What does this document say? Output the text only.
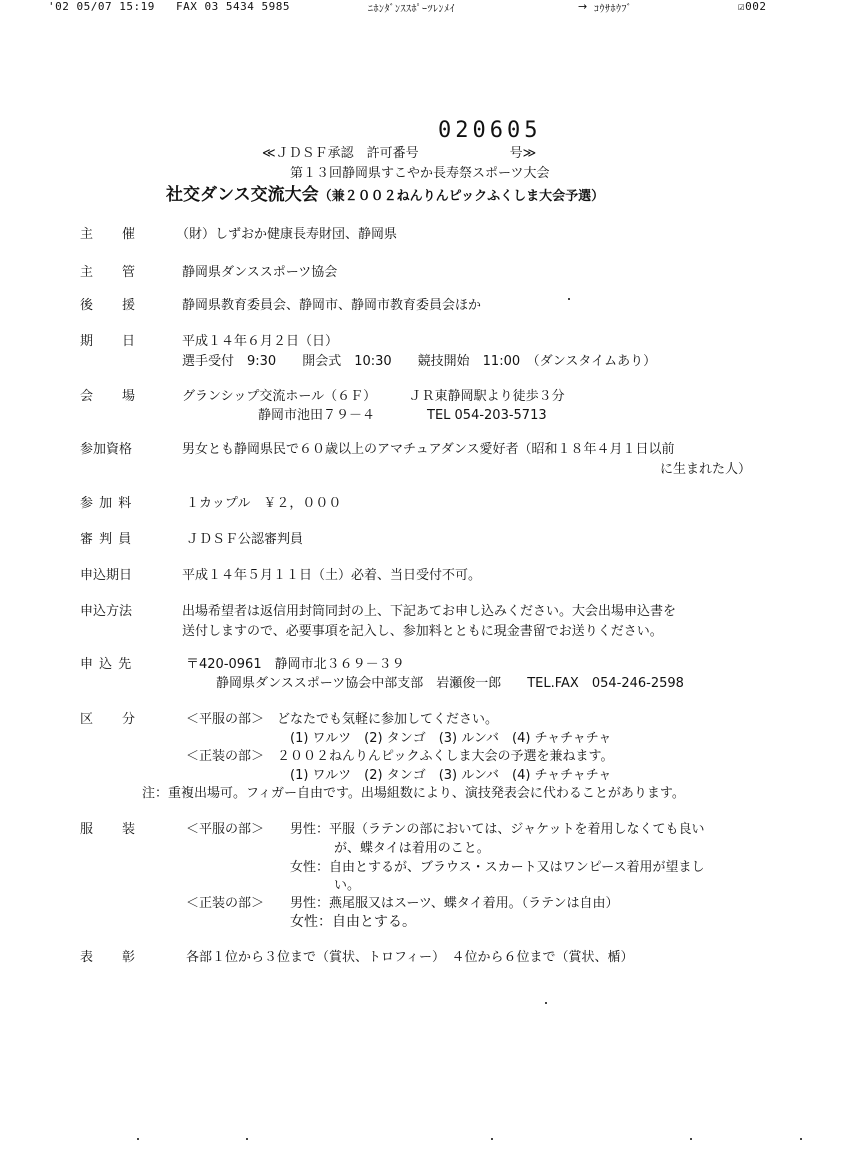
'02 05/07 15:19 FAX 03 5434 5985	ﾆﾎﾝﾀﾞﾝｽｽﾎﾟｰﾂﾚﾝﾒｲ	→ ｺｳｻﾎｳﾌﾞ	☑002
020605
≪ＪＤＳＦ承認　許可番号　　　　　　　号≫
第１３回静岡県すこやか長寿祭スポーツ大会
社交ダンス交流大会（兼２００２ねんりんピックふくしま大会予選）
主　　催	（財）しずおか健康長寿財団、静岡県
主　　管	静岡県ダンススポーツ協会
後　　援	静岡県教育委員会、静岡市、静岡市教育委員会ほか
期　　日	平成１４年６月２日（日）
選手受付　9:30　　開会式　10:30　　競技開始　11:00　（ダンスタイムあり）
会　　場	グランシップ交流ホール（６Ｆ）　　　ＪＲ東静岡駅より徒歩３分
静岡市池田７９－４　　　　TEL 054-203-5713
参加資格	男女とも静岡県民で６０歳以上のアマチュアダンス愛好者（昭和１８年４月１日以前
に生まれた人）
参 加 料	１カップル　￥２，０００
審 判 員	ＪＤＳＦ公認審判員
申込期日	平成１４年５月１１日（土）必着、当日受付不可。
申込方法	出場希望者は返信用封筒同封の上、下記あてお申し込みください。大会出場申込書を
送付しますので、必要事項を記入し、参加料とともに現金書留でお送りください。
申 込 先	〒420-0961　静岡市北３６９－３９
静岡県ダンススポーツ協会中部支部　岩瀬俊一郎　　TEL.FAX　054-246-2598
区　　分	＜平服の部＞　どなたでも気軽に参加してください。
(1) ワルツ　(2) タンゴ　(3) ルンバ　(4) チャチャチャ
＜正装の部＞　２００２ねんりんピックふくしま大会の予選を兼ねます。
(1) ワルツ　(2) タンゴ　(3) ルンバ　(4) チャチャチャ
注：重複出場可。フィガー自由です。出場組数により、演技発表会に代わることがあります。
服　　装	＜平服の部＞ 男性：平服（ラテンの部においては、ジャケットを着用しなくても良い
が、蝶タイは着用のこと。
女性：自由とするが、ブラウス・スカート又はワンピース着用が望まし
い。
＜正装の部＞ 男性：燕尾服又はスーツ、蝶タイ着用。（ラテンは自由）
女性：自由とする。
表　　彰	各部１位から３位まで（賞状、トロフィー）　４位から６位まで（賞状、楯）
